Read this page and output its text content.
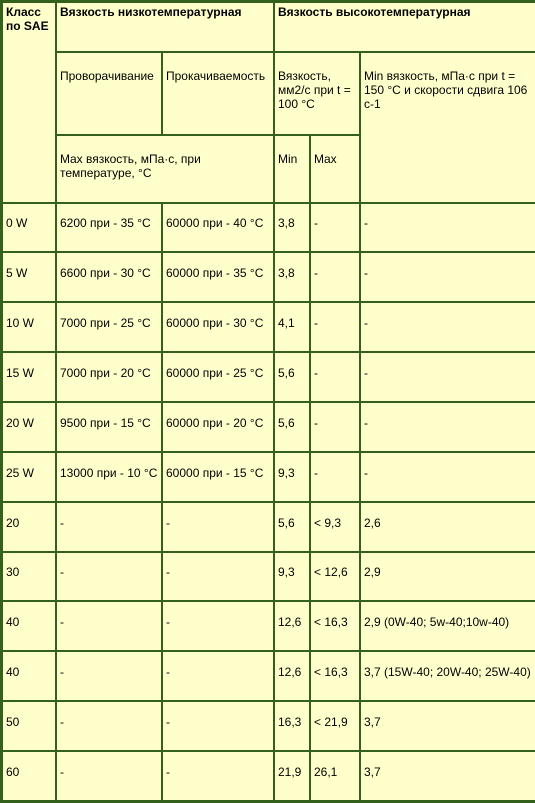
Класс по SAE	Вязкость низкотемпературная		Вязкость высокотемпературная		
	Проворачивание	Прокачиваемость	Вязкость, мм2/с при t = 100 °С		Min вязкость, мПа·с при t = 150 °С и скорости сдвига 106 с-1
	Max вязкость, мПа·с, при температуре, °С		Min	Max	
0 W	6200 при - 35 °С	60000 при - 40 °С	3,8	-	-
5 W	6600 при - 30 °С	60000 при - 35 °С	3,8	-	-
10 W	7000 при - 25 °С	60000 при - 30 °С	4,1	-	-
15 W	7000 при - 20 °С	60000 при - 25 °С	5,6	-	-
20 W	9500 при - 15 °С	60000 при - 20 °С	5,6	-	-
25 W	13000 при - 10 °С	60000 при - 15 °С	9,3	-	-
20	-	-	5,6	< 9,3	2,6
30	-	-	9,3	< 12,6	2,9
40	-	-	12,6	< 16,3	2,9 (0W-40; 5w-40;10w-40)
40	-	-	12,6	< 16,3	3,7 (15W-40; 20W-40; 25W-40)
50	-	-	16,3	< 21,9	3,7
60	-	-	21,9	26,1	3,7
